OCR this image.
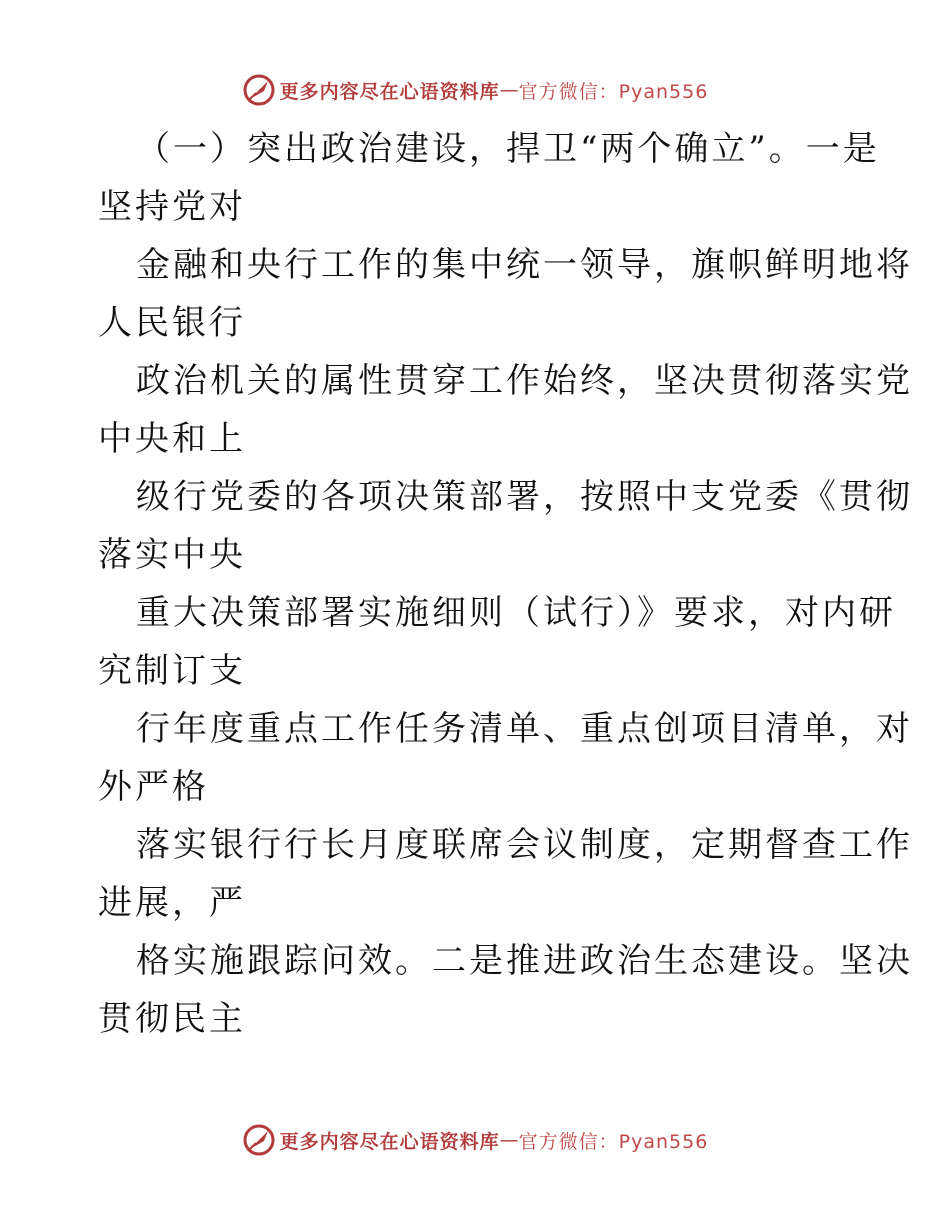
更多内容尽在心语资料库 — 官方微信：Pyan556
（一）突出政治建设，捍卫“两个确立”。一是
坚持党对
金融和央行工作的集中统一领导，旗帜鲜明地将
人民银行
政治机关的属性贯穿工作始终，坚决贯彻落实党
中央和上
级行党委的各项决策部署，按照中支党委《贯彻
落实中央
重大决策部署实施细则（试行）》要求，对内研
究制订支
行年度重点工作任务清单、重点创项目清单，对
外严格
落实银行行长月度联席会议制度，定期督查工作
进展，严
格实施跟踪问效。二是推进政治生态建设。坚决
贯彻民主
更多内容尽在心语资料库 — 官方微信：Pyan556
